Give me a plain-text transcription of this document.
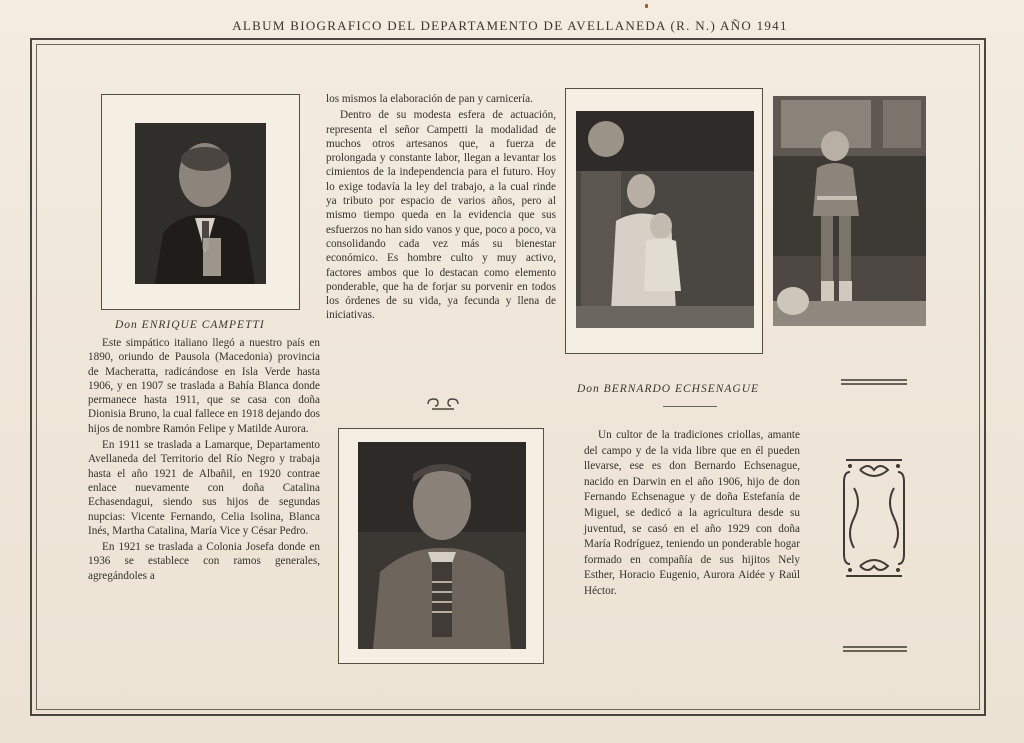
ALBUM BIOGRAFICO DEL DEPARTAMENTO DE AVELLANEDA (R. N.) AÑO 1941
Don ENRIQUE CAMPETTI

Este simpático italiano llegó a nuestro país en 1890, oriundo de Pausola (Macedonia) provincia de Macheratta, radicándose en Isla Verde hasta 1906, y en 1907 se traslada a Bahía Blanca donde permanece hasta 1911, que se casa con doña Dionisia Bruno, la cual fallece en 1918 dejando dos hijos de nombre Ramón Felipe y Matilde Aurora.

En 1911 se traslada a Lamarque, Departamento Avellaneda del Territorio del Río Negro y trabaja hasta el año 1921 de Albañil, en 1920 contrae enlace nuevamente con doña Catalina Echasendagui, siendo sus hijos de segundas nupcias: Vicente Fernando, Celia Isolina, Blanca Inés, Martha Catalina, María Vice y César Pedro.

En 1921 se traslada a Colonia Josefa donde en 1936 se establece con ramos generales, agregándoles a

los mismos la elaboración de pan y carnicería.

Dentro de su modesta esfera de actuación, representa el señor Campetti la modalidad de muchos otros artesanos que, a fuerza de prolongada y constante labor, llegan a levantar los cimientos de la independencia para el futuro. Hoy lo exige todavía la ley del trabajo, a la cual rinde ya tributo por espacio de varios años, pero al mismo tiempo queda en la evidencia que sus esfuerzos no han sido vanos y que, poco a poco, va consolidando cada vez más su bienestar económico. Es hombre culto y muy activo, factores ambos que lo destacan como elemento ponderable, que ha de forjar su porvenir en todos los órdenes de su vida, ya fecunda y llena de iniciativas.

Don BERNARDO ECHSENAGUE

Un cultor de la tradiciones criollas, amante del campo y de la vida libre que en él pueden llevarse, ese es don Bernardo Echsenague, nacido en Darwin en el año 1906, hijo de don Fernando Echsenague y de doña Estefanía de Miguel, se dedicó a la agricultura desde su juventud, se casó en el año 1929 con doña María Rodríguez, teniendo un ponderable hogar formado en compañía de sus hijitos Nely Esther, Horacio Eugenio, Aurora Aidée y Raúl Héctor.
